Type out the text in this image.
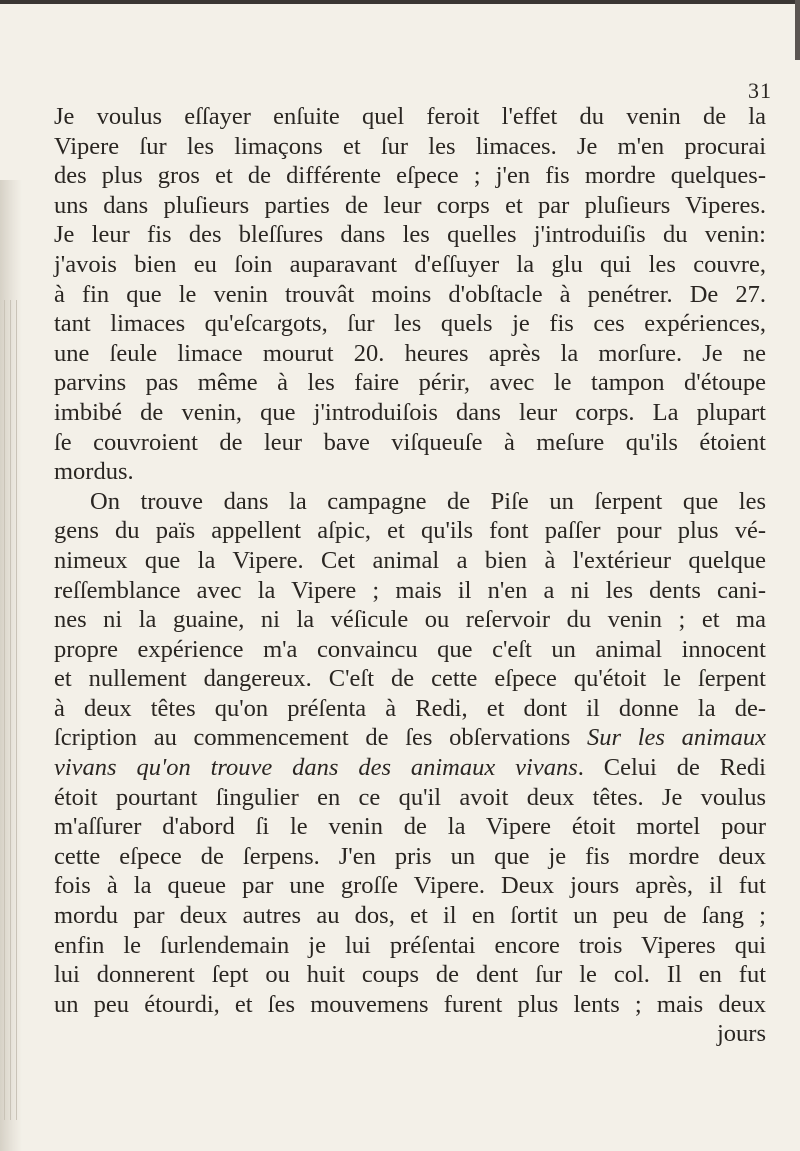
31
Je voulus eſſayer enſuite quel feroit l'effet du venin de la
Vipere ſur les limaçons et ſur les limaces. Je m'en procurai
des plus gros et de différente eſpece ; j'en fis mordre quelques-
uns dans pluſieurs parties de leur corps et par pluſieurs Viperes.
Je leur fis des bleſſures dans les quelles j'introduiſis du venin:
j'avois bien eu ſoin auparavant d'eſſuyer la glu qui les couvre,
à fin que le venin trouvât moins d'obſtacle à penétrer. De 27.
tant limaces qu'eſcargots, ſur les quels je fis ces expériences,
une ſeule limace mourut 20. heures après la morſure. Je ne
parvins pas même à les faire périr, avec le tampon d'étoupe
imbibé de venin, que j'introduiſois dans leur corps. La plupart
ſe couvroient de leur bave viſqueuſe à meſure qu'ils étoient
mordus.
On trouve dans la campagne de Piſe un ſerpent que les
gens du païs appellent aſpic, et qu'ils font paſſer pour plus vé-
nimeux que la Vipere. Cet animal a bien à l'extérieur quelque
reſſemblance avec la Vipere ; mais il n'en a ni les dents cani-
nes ni la guaine, ni la véſicule ou reſervoir du venin ; et ma
propre expérience m'a convaincu que c'eſt un animal innocent
et nullement dangereux. C'eſt de cette eſpece qu'étoit le ſerpent
à deux têtes qu'on préſenta à Redi, et dont il donne la de-
ſcription au commencement de ſes obſervations Sur les animaux
vivans qu'on trouve dans des animaux vivans. Celui de Redi
étoit pourtant ſingulier en ce qu'il avoit deux têtes. Je voulus
m'aſſurer d'abord ſi le venin de la Vipere étoit mortel pour
cette eſpece de ſerpens. J'en pris un que je fis mordre deux
fois à la queue par une groſſe Vipere. Deux jours après, il fut
mordu par deux autres au dos, et il en ſortit un peu de ſang ;
enfin le ſurlendemain je lui préſentai encore trois Viperes qui
lui donnerent ſept ou huit coups de dent ſur le col. Il en fut
un peu étourdi, et ſes mouvemens furent plus lents ; mais deux
jours
